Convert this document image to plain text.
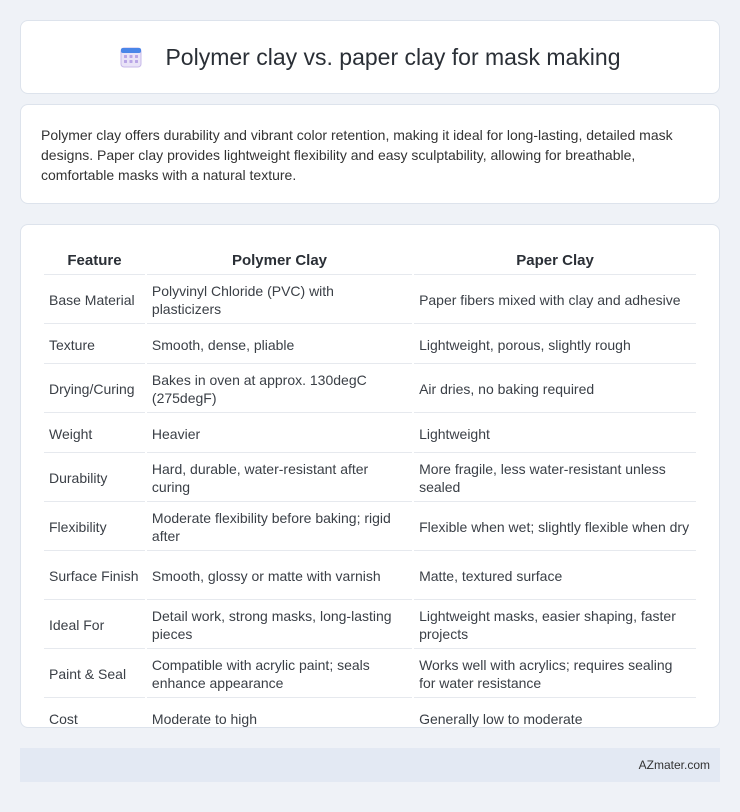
Polymer clay vs. paper clay for mask making

Polymer clay offers durability and vibrant color retention, making it ideal for long-lasting, detailed mask designs. Paper clay provides lightweight flexibility and easy sculptability, allowing for breathable, comfortable masks with a natural texture.

Feature	Polymer Clay	Paper Clay
Base Material	Polyvinyl Chloride (PVC) with plasticizers	Paper fibers mixed with clay and adhesive
Texture	Smooth, dense, pliable	Lightweight, porous, slightly rough
Drying/Curing	Bakes in oven at approx. 130degC (275degF)	Air dries, no baking required
Weight	Heavier	Lightweight
Durability	Hard, durable, water-resistant after curing	More fragile, less water-resistant unless sealed
Flexibility	Moderate flexibility before baking; rigid after	Flexible when wet; slightly flexible when dry
Surface Finish	Smooth, glossy or matte with varnish	Matte, textured surface
Ideal For	Detail work, strong masks, long-lasting pieces	Lightweight masks, easier shaping, faster projects
Paint & Seal	Compatible with acrylic paint; seals enhance appearance	Works well with acrylics; requires sealing for water resistance
Cost	Moderate to high	Generally low to moderate
AZmater.com
